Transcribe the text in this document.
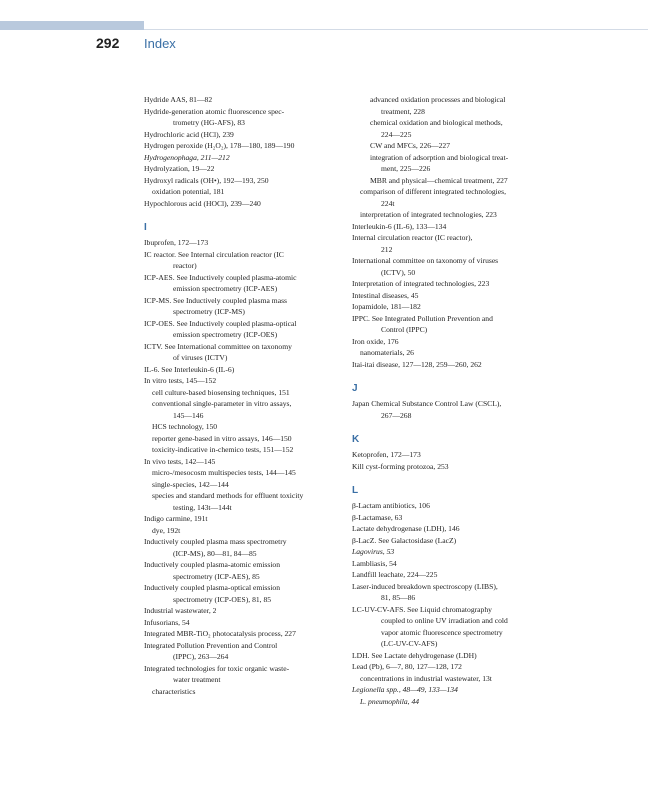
292 Index

Hydride AAS, 81—82

Hydride-generation atomic fluorescence spec-

trometry (HG-AFS), 83

Hydrochloric acid (HCl), 239

Hydrogen peroxide (H₂O₂), 178—180, 189—190

Hydrogenophaga, 211—212

Hydrolyzation, 19—22

Hydroxyl radicals (OH•), 192—193, 250

oxidation potential, 181

Hypochlorous acid (HOCl), 239—240

I

Ibuprofen, 172—173

IC reactor. See Internal circulation reactor (IC

reactor)

ICP-AES. See Inductively coupled plasma-atomic

emission spectrometry (ICP-AES)

ICP-MS. See Inductively coupled plasma mass

spectrometry (ICP-MS)

ICP-OES. See Inductively coupled plasma-optical

emission spectrometry (ICP-OES)

ICTV. See International committee on taxonomy

of viruses (ICTV)

IL-6. See Interleukin-6 (IL-6)

In vitro tests, 145—152

cell culture-based biosensing techniques, 151

conventional single-parameter in vitro assays,

145—146

HCS technology, 150

reporter gene-based in vitro assays, 146—150

toxicity-indicative in-chemico tests, 151—152

In vivo tests, 142—145

micro-/mesocosm multispecies tests, 144—145

single-species, 142—144

species and standard methods for effluent toxicity

testing, 143t—144t

Indigo carmine, 191t

dye, 192t

Inductively coupled plasma mass spectrometry

(ICP-MS), 80—81, 84—85

Inductively coupled plasma-atomic emission

spectrometry (ICP-AES), 85

Inductively coupled plasma-optical emission

spectrometry (ICP-OES), 81, 85

Industrial wastewater, 2

Infusorians, 54

Integrated MBR-TiO₂ photocatalysis process, 227

Integrated Pollution Prevention and Control

(IPPC), 263—264

Integrated technologies for toxic organic waste-

water treatment

characteristics

advanced oxidation processes and biological

treatment, 228

chemical oxidation and biological methods,

224—225

CW and MFCs, 226—227

integration of adsorption and biological treat-

ment, 225—226

MBR and physical—chemical treatment, 227

comparison of different integrated technologies,

224t

interpretation of integrated technologies, 223

Interleukin-6 (IL-6), 133—134

Internal circulation reactor (IC reactor),

212

International committee on taxonomy of viruses

(ICTV), 50

Interpretation of integrated technologies, 223

Intestinal diseases, 45

Iopamidole, 181—182

IPPC. See Integrated Pollution Prevention and

Control (IPPC)

Iron oxide, 176

nanomaterials, 26

Itai-itai disease, 127—128, 259—260, 262

J

Japan Chemical Substance Control Law (CSCL),

267—268

K

Ketoprofen, 172—173

Kill cyst-forming protozoa, 253

L

β-Lactam antibiotics, 106

β-Lactamase, 63

Lactate dehydrogenase (LDH), 146

β-LacZ. See Galactosidase (LacZ)

Lagovirus, 53

Lambliasis, 54

Landfill leachate, 224—225

Laser-induced breakdown spectroscopy (LIBS),

81, 85—86

LC-UV-CV-AFS. See Liquid chromatography

coupled to online UV irradiation and cold

vapor atomic fluorescence spectrometry

(LC-UV-CV-AFS)

LDH. See Lactate dehydrogenase (LDH)

Lead (Pb), 6—7, 80, 127—128, 172

concentrations in industrial wastewater, 13t

Legionella spp., 48—49, 133—134

L. pneumophila, 44
